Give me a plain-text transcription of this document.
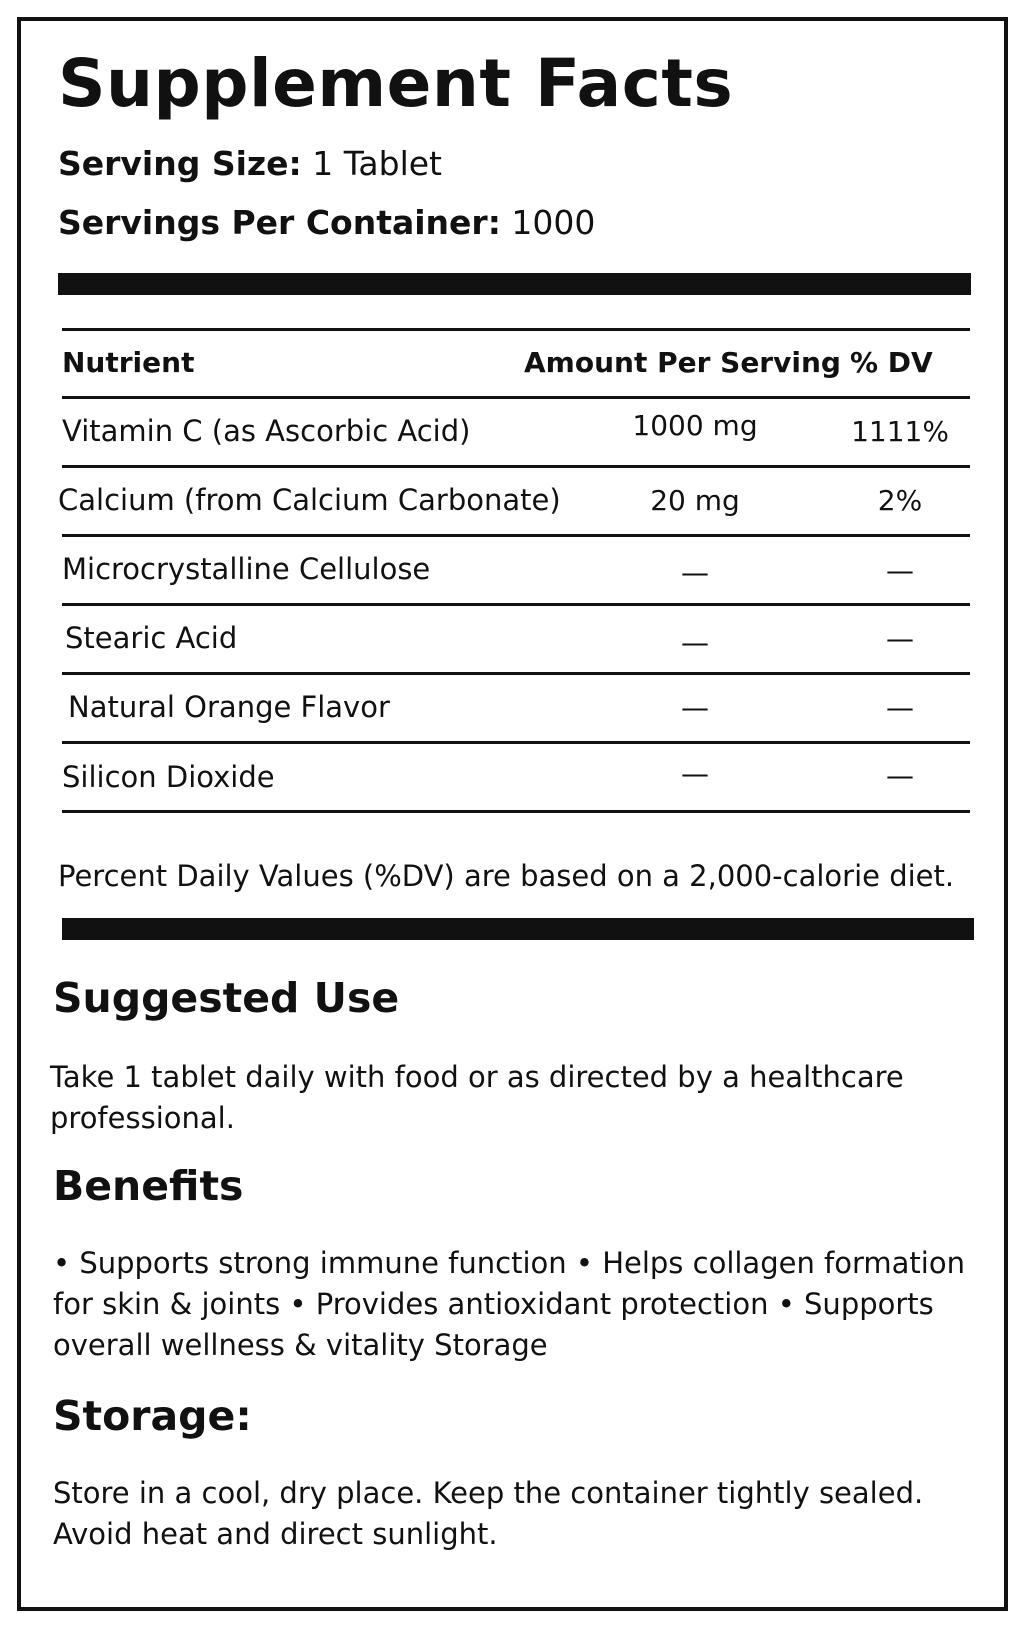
Supplement Facts
Serving Size: 1 Tablet
Servings Per Container: 1000
Nutrient	Amount Per Serving % DV
Vitamin C (as Ascorbic Acid)	1000 mg	1111%
Calcium (from Calcium Carbonate)	20 mg	2%
Microcrystalline Cellulose	—	—
Stearic Acid	—	—
Natural Orange Flavor	—	—
Silicon Dioxide	—	—
Percent Daily Values (%DV) are based on a 2,000-calorie diet.
Suggested Use
Take 1 tablet daily with food or as directed by a healthcare professional.
Benefits
• Supports strong immune function • Helps collagen formation for skin & joints • Provides antioxidant protection • Supports overall wellness & vitality Storage
Storage:
Store in a cool, dry place. Keep the container tightly sealed. Avoid heat and direct sunlight.
